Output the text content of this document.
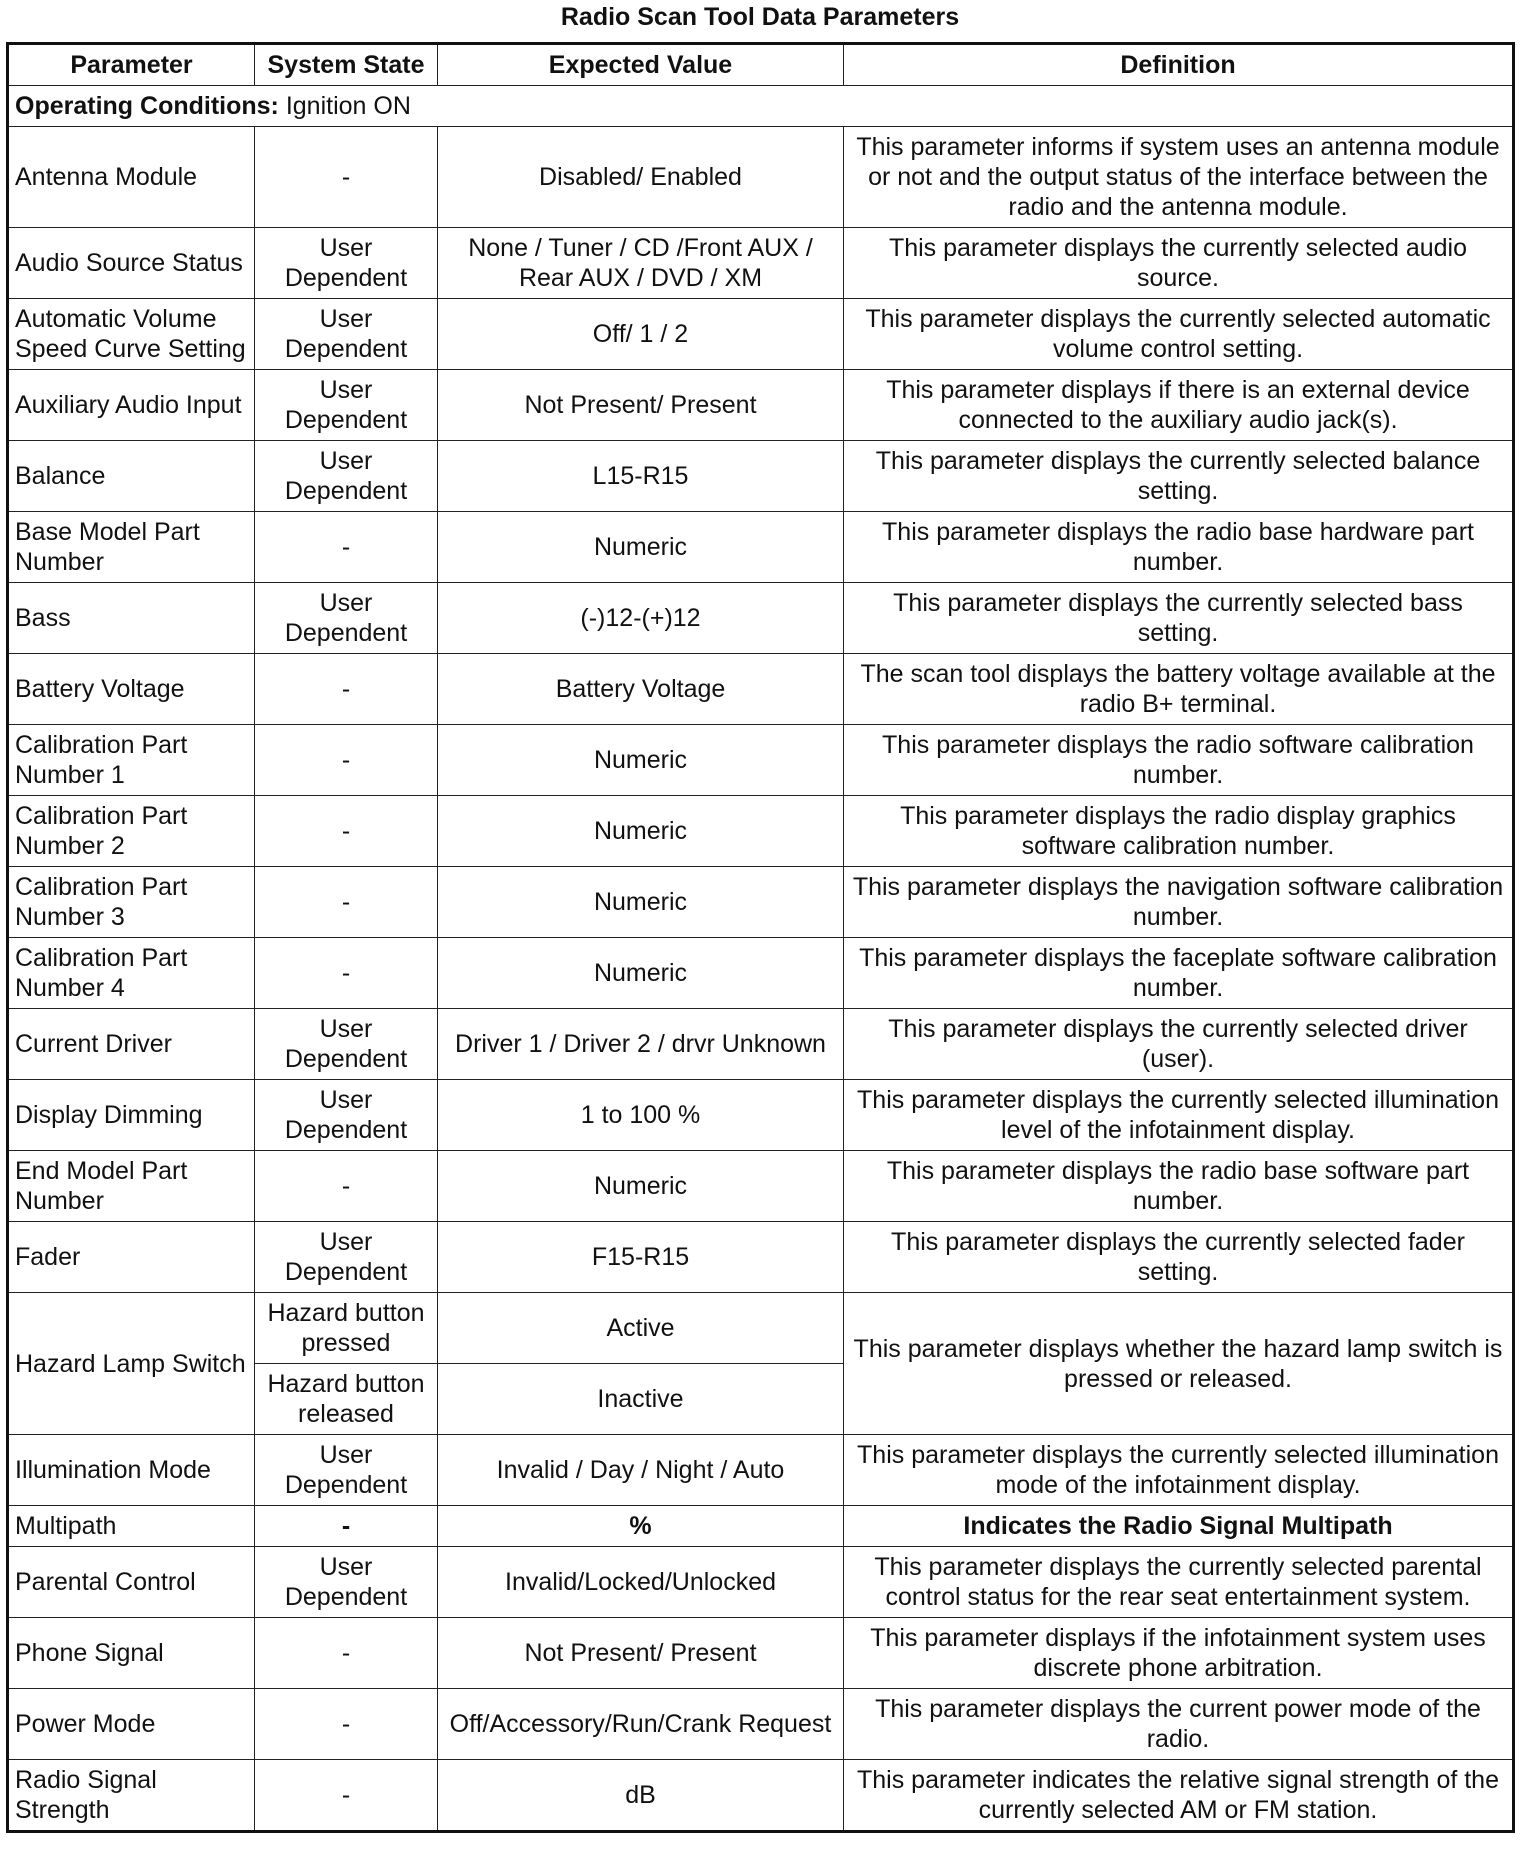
Radio Scan Tool Data Parameters
Parameter	System State	Expected Value	Definition
Operating Conditions: Ignition ON			
Antenna Module	-	Disabled/ Enabled	This parameter informs if system uses an antenna module or not and the output status of the interface between the radio and the antenna module.
Audio Source Status	User Dependent	None / Tuner / CD /Front AUX / Rear AUX / DVD / XM	This parameter displays the currently selected audio source.
Automatic Volume Speed Curve Setting	User Dependent	Off/ 1 / 2	This parameter displays the currently selected automatic volume control setting.
Auxiliary Audio Input	User Dependent	Not Present/ Present	This parameter displays if there is an external device connected to the auxiliary audio jack(s).
Balance	User Dependent	L15-R15	This parameter displays the currently selected balance setting.
Base Model Part Number	-	Numeric	This parameter displays the radio base hardware part number.
Bass	User Dependent	(-)12-(+)12	This parameter displays the currently selected bass setting.
Battery Voltage	-	Battery Voltage	The scan tool displays the battery voltage available at the radio B+ terminal.
Calibration Part Number 1	-	Numeric	This parameter displays the radio software calibration number.
Calibration Part Number 2	-	Numeric	This parameter displays the radio display graphics software calibration number.
Calibration Part Number 3	-	Numeric	This parameter displays the navigation software calibration number.
Calibration Part Number 4	-	Numeric	This parameter displays the faceplate software calibration number.
Current Driver	User Dependent	Driver 1 / Driver 2 / drvr Unknown	This parameter displays the currently selected driver (user).
Display Dimming	User Dependent	1 to 100 %	This parameter displays the currently selected illumination level of the infotainment display.
End Model Part Number	-	Numeric	This parameter displays the radio base software part number.
Fader	User Dependent	F15-R15	This parameter displays the currently selected fader setting.
Hazard Lamp Switch	Hazard button pressed	Active	This parameter displays whether the hazard lamp switch is pressed or released.
	Hazard button released	Inactive	
Illumination Mode	User Dependent	Invalid / Day / Night / Auto	This parameter displays the currently selected illumination mode of the infotainment display.
Multipath	-	%	Indicates the Radio Signal Multipath
Parental Control	User Dependent	Invalid/Locked/Unlocked	This parameter displays the currently selected parental control status for the rear seat entertainment system.
Phone Signal	-	Not Present/ Present	This parameter displays if the infotainment system uses discrete phone arbitration.
Power Mode	-	Off/Accessory/Run/Crank Request	This parameter displays the current power mode of the radio.
Radio Signal Strength	-	dB	This parameter indicates the relative signal strength of the currently selected AM or FM station.
